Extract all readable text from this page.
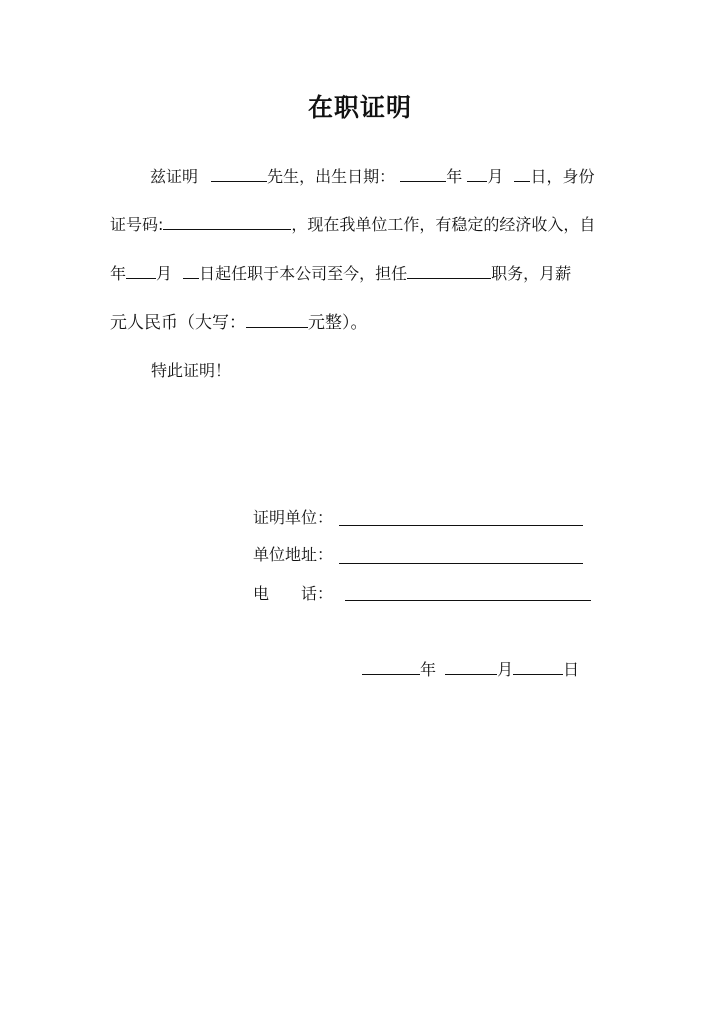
在职证明
兹证明	先生，出生日期：	年 月 日，身份
证号码:	，现在我单位工作，有稳定的经济收入，自
年 月 日起任职于本公司至今，担任	职务，月薪
元人民币（大写：	元整）。
特此证明！
证明单位：
单位地址：
电 话：
年	月	日
